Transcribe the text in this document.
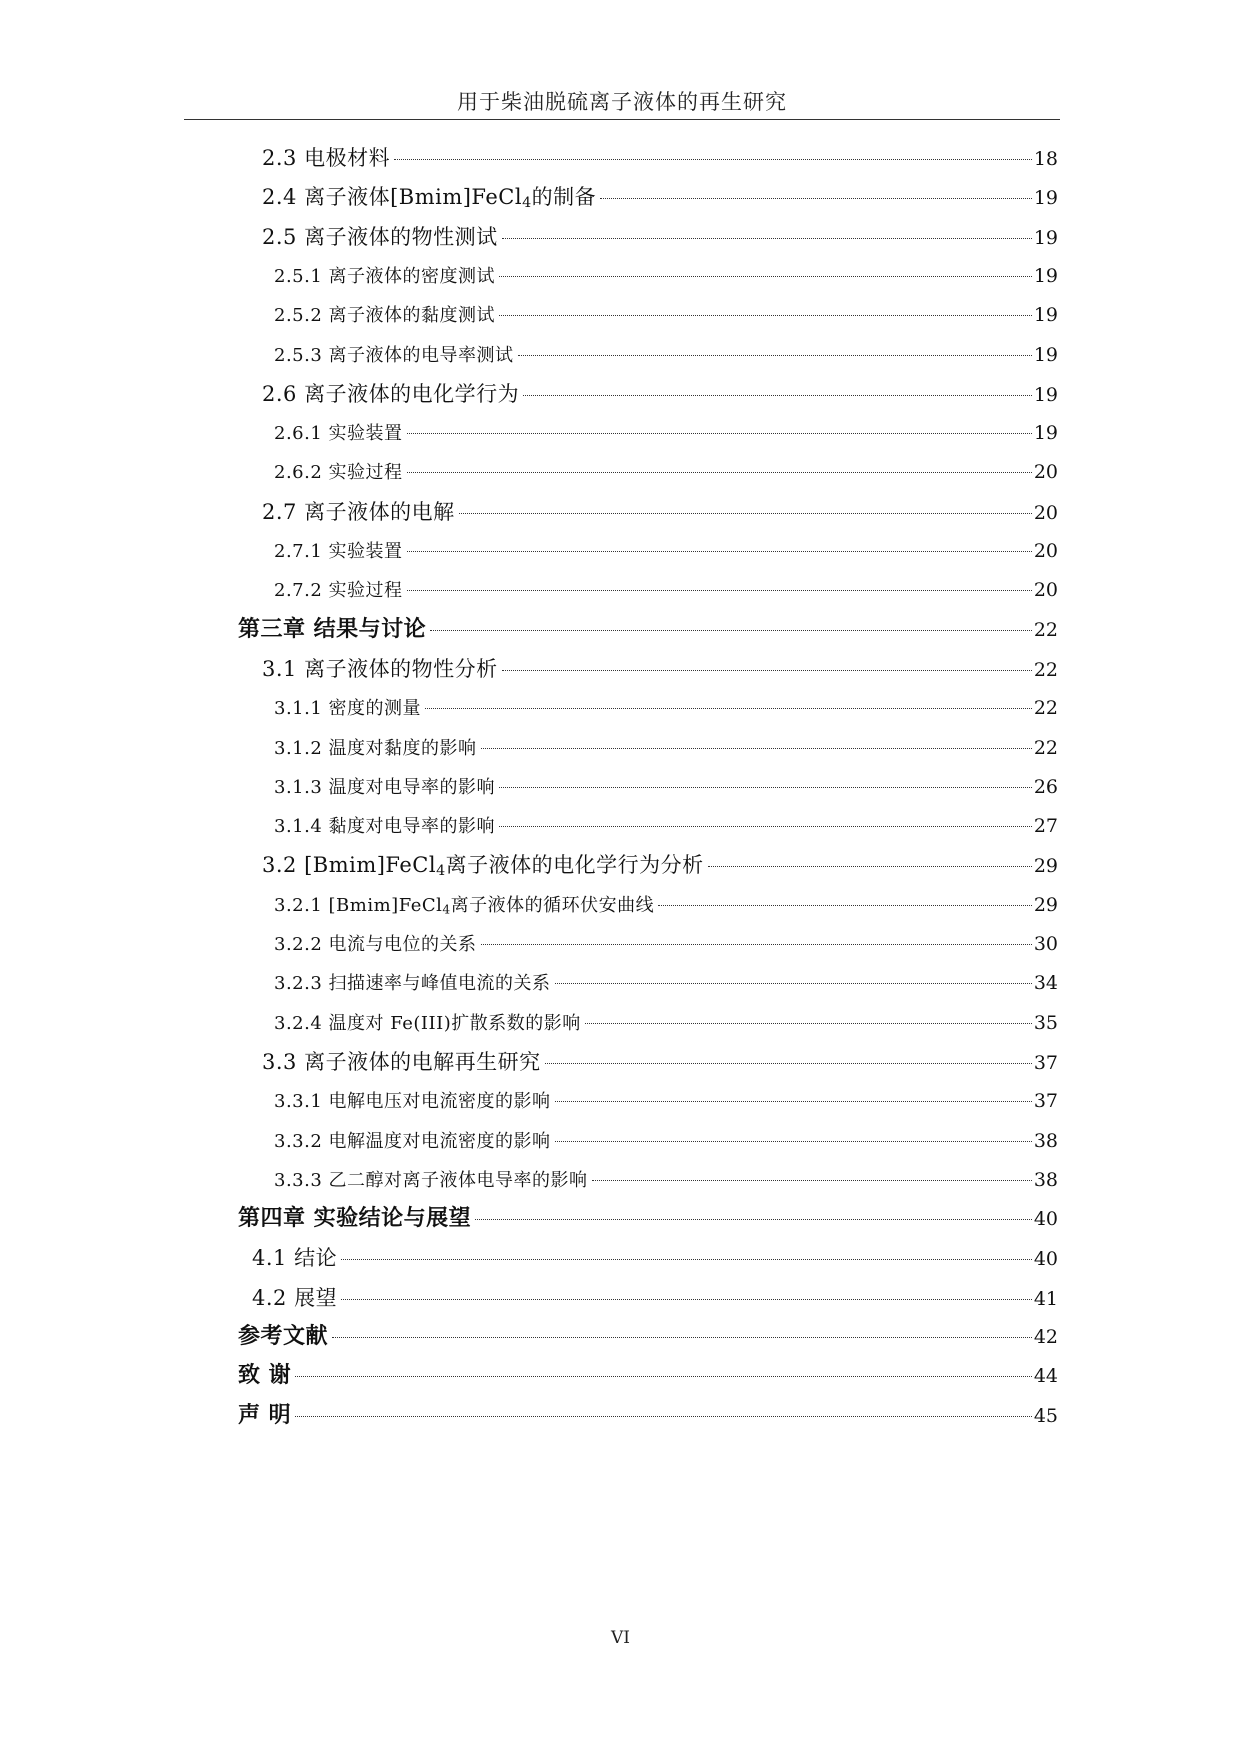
用于柴油脱硫离子液体的再生研究
2.3 电极材料	18
2.4 离子液体[Bmim]FeCl$_4$的制备	19
2.5 离子液体的物性测试	19
2.5.1 离子液体的密度测试	19
2.5.2 离子液体的黏度测试	19
2.5.3 离子液体的电导率测试	19
2.6 离子液体的电化学行为	19
2.6.1 实验装置	19
2.6.2 实验过程	20
2.7 离子液体的电解	20
2.7.1 实验装置	20
2.7.2 实验过程	20
第三章 结果与讨论	22
3.1 离子液体的物性分析	22
3.1.1 密度的测量	22
3.1.2 温度对黏度的影响	22
3.1.3 温度对电导率的影响	26
3.1.4 黏度对电导率的影响	27
3.2 [Bmim]FeCl$_4$离子液体的电化学行为分析	29
3.2.1 [Bmim]FeCl$_4$离子液体的循环伏安曲线	29
3.2.2 电流与电位的关系	30
3.2.3 扫描速率与峰值电流的关系	34
3.2.4 温度对 Fe(III)扩散系数的影响	35
3.3 离子液体的电解再生研究	37
3.3.1 电解电压对电流密度的影响	37
3.3.2 电解温度对电流密度的影响	38
3.3.3 乙二醇对离子液体电导率的影响	38
第四章 实验结论与展望	40
4.1 结论	40
4.2 展望	41
参考文献	42
致 谢	44
声 明	45
VI
